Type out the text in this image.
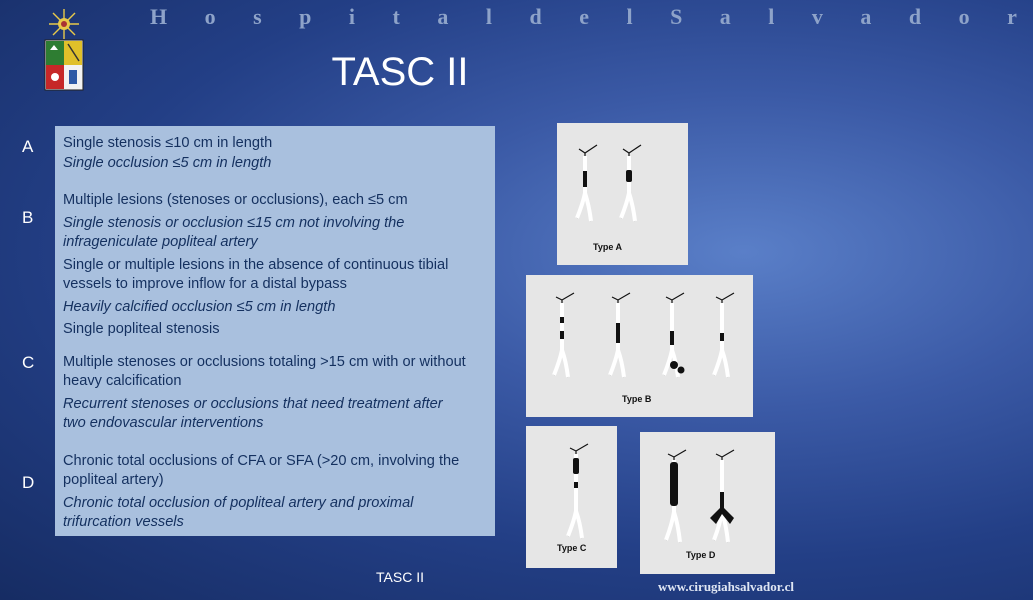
H o s p i t a l d e l S a l v a d o r
TASC II
A
B
C
D
Single stenosis ≤10 cm in length
Single occlusion ≤5 cm in length
Multiple lesions (stenoses or occlusions), each ≤5 cm
Single stenosis or occlusion ≤15 cm not involving the
infrageniculate popliteal artery
Single or multiple lesions in the absence of continuous tibial
vessels to improve inflow for a distal bypass
Heavily calcified occlusion ≤5 cm in length
Single popliteal stenosis
Multiple stenoses or occlusions totaling >15 cm with or without
heavy calcification
Recurrent stenoses or occlusions that need treatment after
two endovascular interventions
Chronic total occlusions of CFA or SFA (>20 cm, involving the
popliteal artery)
Chronic total occlusion of popliteal artery and proximal
trifurcation vessels
Type A
Type B
Type C
Type D
TASC II
www.cirugiahsalvador.cl
